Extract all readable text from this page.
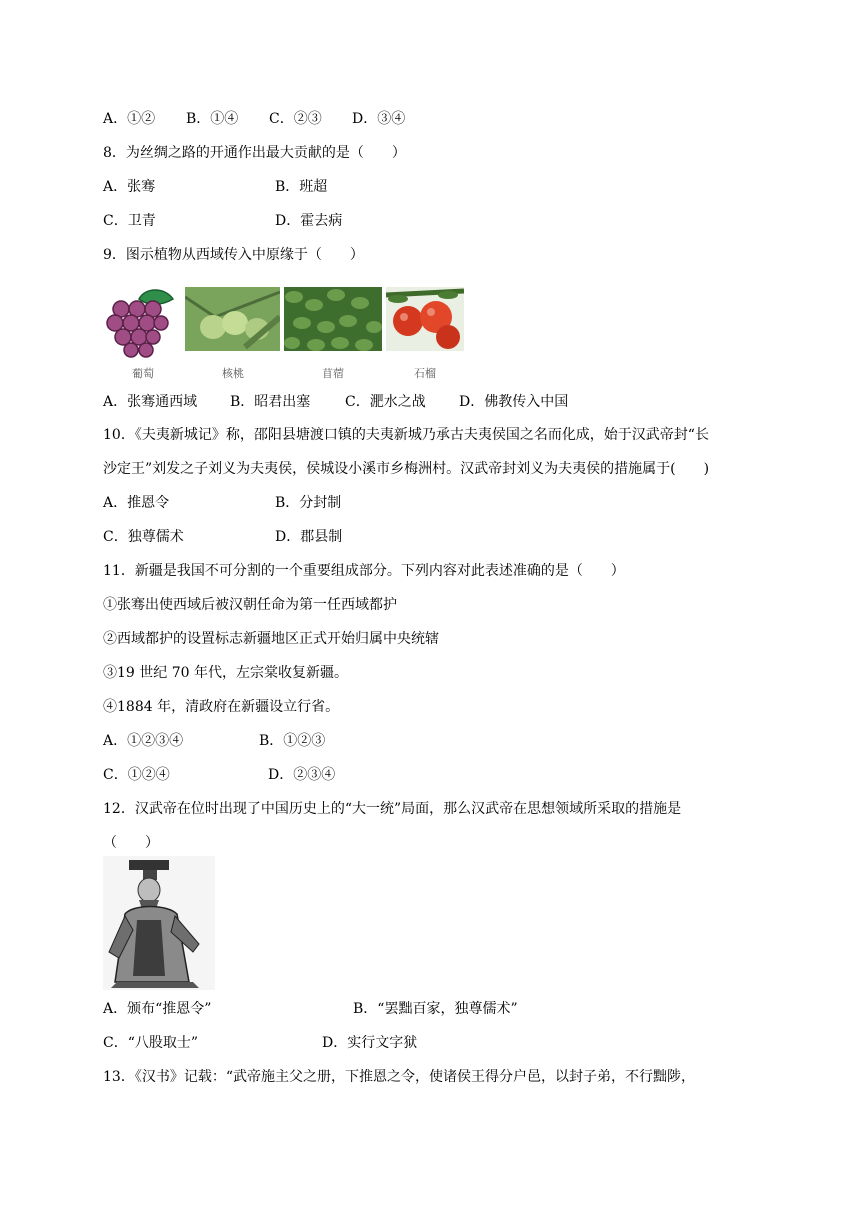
A．①② B．①④ C．②③ D．③④
8．为丝绸之路的开通作出最大贡献的是（　　）
A．张骞	B．班超
C．卫青	D．霍去病
9．图示植物从西域传入中原缘于（　　）
葡萄	核桃	苜蓿	石榴
A．张骞通西域 B．昭君出塞 C．淝水之战 D．佛教传入中国
10．《夫夷新城记》称，邵阳县塘渡口镇的夫夷新城乃承古夫夷侯国之名而化成，始于汉武帝封“长
沙定王”刘发之子刘义为夫夷侯，侯城设小溪市乡梅洲村。汉武帝封刘义为夫夷侯的措施属于(　　)
A．推恩令	B．分封制
C．独尊儒术	D．郡县制
11．新疆是我国不可分割的一个重要组成部分。下列内容对此表述准确的是（　　）
①张骞出使西域后被汉朝任命为第一任西域都护
②西域都护的设置标志新疆地区正式开始归属中央统辖
③19 世纪 70 年代，左宗棠收复新疆。
④1884 年，清政府在新疆设立行省。
A．①②③④	B．①②③
C．①②④	D．②③④
12．汉武帝在位时出现了中国历史上的“大一统”局面，那么汉武帝在思想领域所采取的措施是
（　　）
A．颁布“推恩令”	B．“罢黜百家，独尊儒术”
C．“八股取士”	D．实行文字狱
13．《汉书》记载：“武帝施主父之册，下推恩之令，使诸侯王得分户邑，以封子弟，不行黜陟，
